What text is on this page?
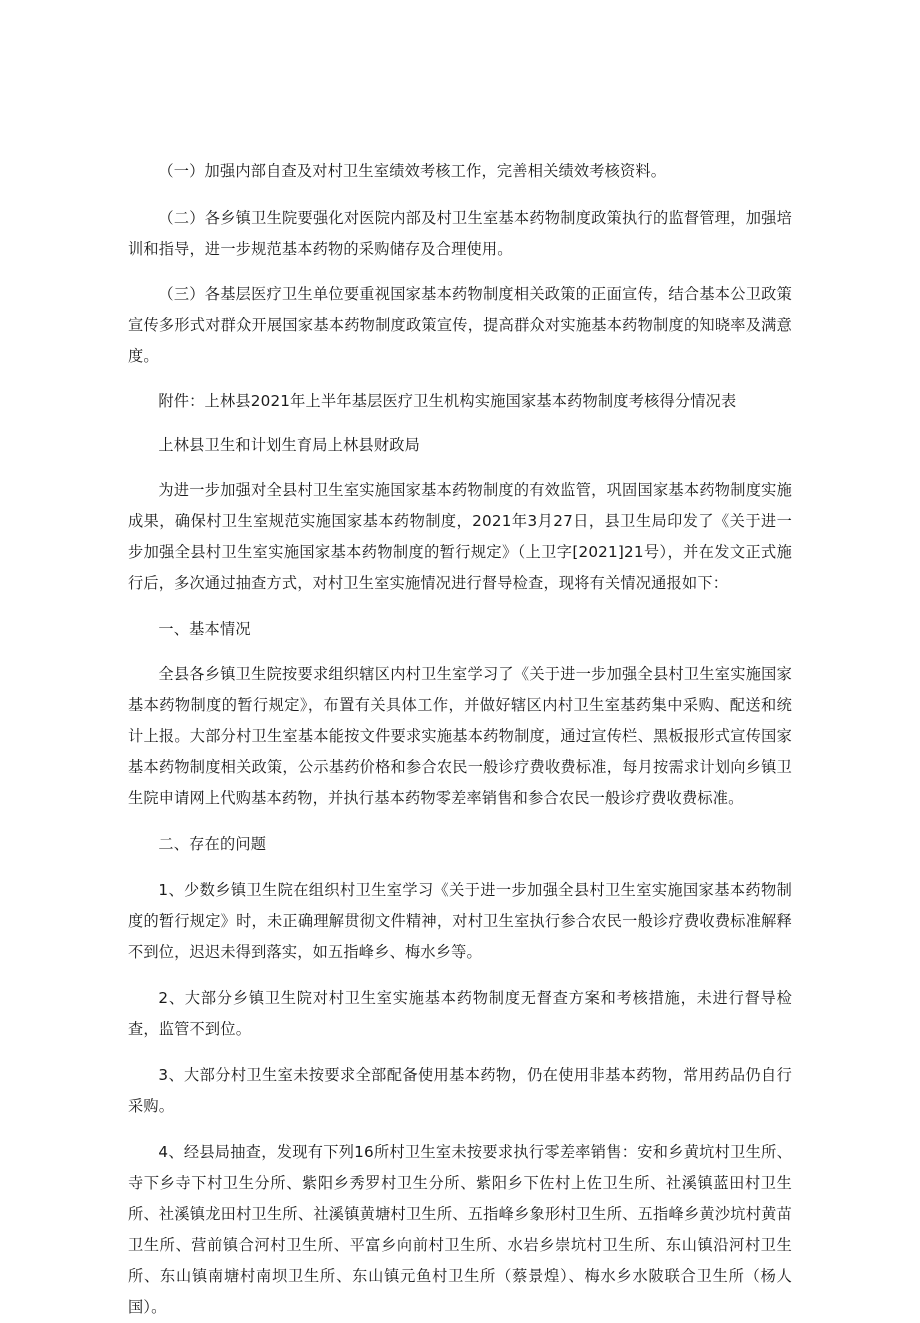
（一）加强内部自查及对村卫生室绩效考核工作，完善相关绩效考核资料。

（二）各乡镇卫生院要强化对医院内部及村卫生室基本药物制度政策执行的监督管理，加强培训和指导，进一步规范基本药物的采购储存及合理使用。

（三）各基层医疗卫生单位要重视国家基本药物制度相关政策的正面宣传，结合基本公卫政策宣传多形式对群众开展国家基本药物制度政策宣传，提高群众对实施基本药物制度的知晓率及满意度。

附件：上林县2021年上半年基层医疗卫生机构实施国家基本药物制度考核得分情况表

上林县卫生和计划生育局上林县财政局

为进一步加强对全县村卫生室实施国家基本药物制度的有效监管，巩固国家基本药物制度实施成果，确保村卫生室规范实施国家基本药物制度，2021年3月27日，县卫生局印发了《关于进一步加强全县村卫生室实施国家基本药物制度的暂行规定》（上卫字[2021]21号），并在发文正式施行后，多次通过抽查方式，对村卫生室实施情况进行督导检查，现将有关情况通报如下：

一、基本情况

全县各乡镇卫生院按要求组织辖区内村卫生室学习了《关于进一步加强全县村卫生室实施国家基本药物制度的暂行规定》，布置有关具体工作，并做好辖区内村卫生室基药集中采购、配送和统计上报。大部分村卫生室基本能按文件要求实施基本药物制度，通过宣传栏、黑板报形式宣传国家基本药物制度相关政策，公示基药价格和参合农民一般诊疗费收费标准，每月按需求计划向乡镇卫生院申请网上代购基本药物，并执行基本药物零差率销售和参合农民一般诊疗费收费标准。

二、存在的问题

1、少数乡镇卫生院在组织村卫生室学习《关于进一步加强全县村卫生室实施国家基本药物制度的暂行规定》时，未正确理解贯彻文件精神，对村卫生室执行参合农民一般诊疗费收费标准解释不到位，迟迟未得到落实，如五指峰乡、梅水乡等。

2、大部分乡镇卫生院对村卫生室实施基本药物制度无督查方案和考核措施，未进行督导检查，监管不到位。

3、大部分村卫生室未按要求全部配备使用基本药物，仍在使用非基本药物，常用药品仍自行采购。

4、经县局抽查，发现有下列16所村卫生室未按要求执行零差率销售：安和乡黄坑村卫生所、寺下乡寺下村卫生分所、紫阳乡秀罗村卫生分所、紫阳乡下佐村上佐卫生所、社溪镇蓝田村卫生所、社溪镇龙田村卫生所、社溪镇黄塘村卫生所、五指峰乡象形村卫生所、五指峰乡黄沙坑村黄苗卫生所、营前镇合河村卫生所、平富乡向前村卫生所、水岩乡崇坑村卫生所、东山镇沿河村卫生所、东山镇南塘村南坝卫生所、东山镇元鱼村卫生所（蔡景煌）、梅水乡水陂联合卫生所（杨人国）。
